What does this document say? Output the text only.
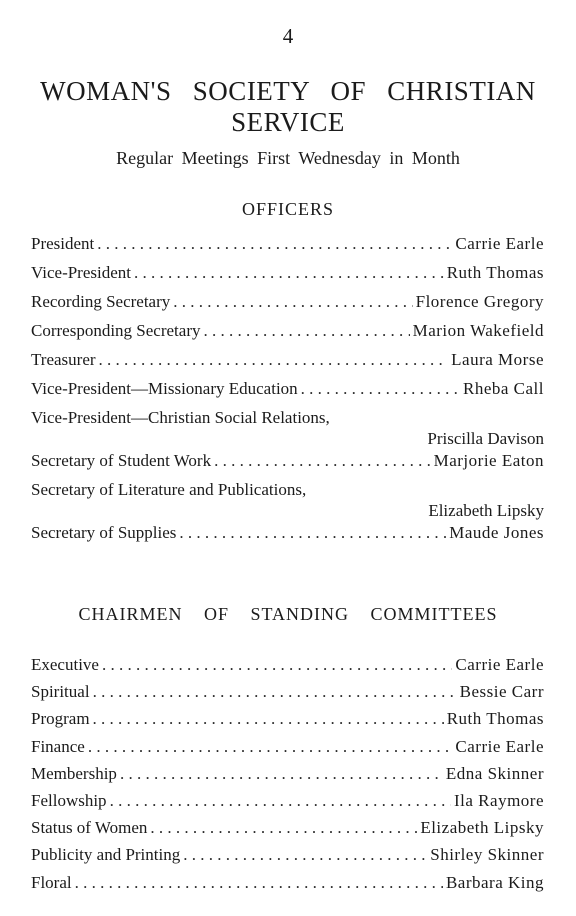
4
WOMAN'S SOCIETY OF CHRISTIAN SERVICE
Regular Meetings First Wednesday in Month
OFFICERS
President . . .	Carrie Earle
Vice-President . . .	Ruth Thomas
Recording Secretary . . .	Florence Gregory
Corresponding Secretary . . .	Marion Wakefield
Treasurer . . .	Laura Morse
Vice-President—Missionary Education . . .	Rheba Call
Vice-President—Christian Social Relations,
Priscilla Davison
Secretary of Student Work . . .	Marjorie Eaton
Secretary of Literature and Publications,
Elizabeth Lipsky
Secretary of Supplies . . .	Maude Jones
CHAIRMEN OF STANDING COMMITTEES
Executive . . .	Carrie Earle
Spiritual . . .	Bessie Carr
Program . . .	Ruth Thomas
Finance . . .	Carrie Earle
Membership . . .	Edna Skinner
Fellowship . . .	Ila Raymore
Status of Women . . .	Elizabeth Lipsky
Publicity and Printing . . .	Shirley Skinner
Floral . . .	Barbara King
